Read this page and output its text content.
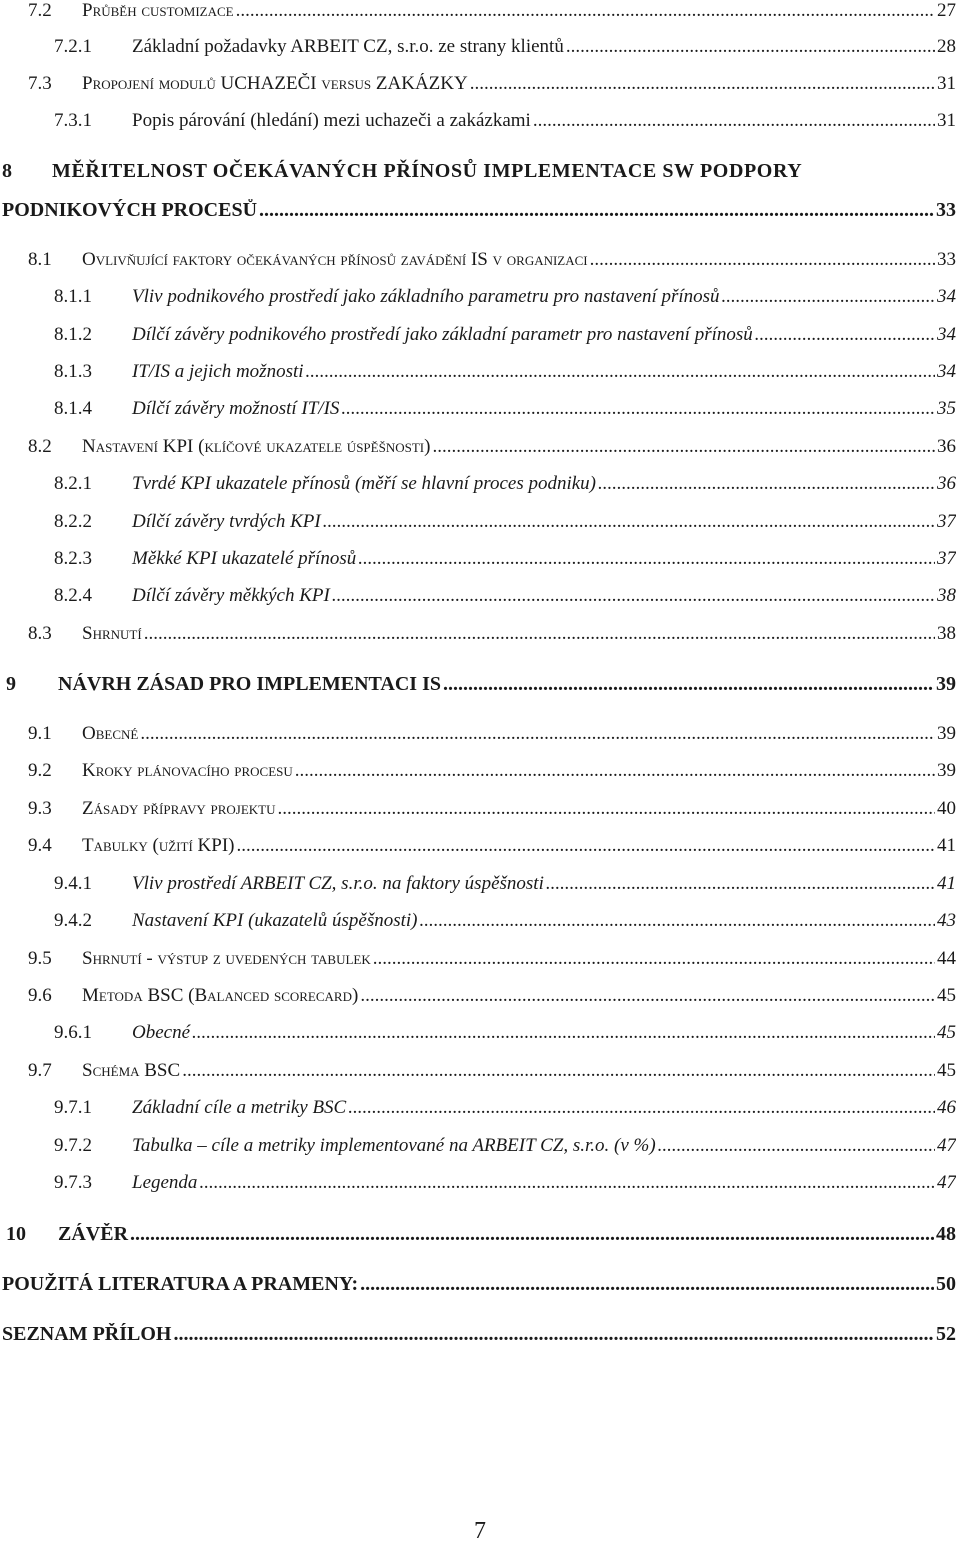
7.2	Průběh customizace .....	27
7.2.1	Základní požadavky ARBEIT CZ, s.r.o. ze strany klientů .....	28
7.3	Propojení modulů UCHAZEČI versus ZAKÁZKY .....	31
7.3.1	Popis párování (hledání) mezi uchazeči a zakázkami .....	31
8 MĚŘITELNOST OČEKÁVANÝCH PŘÍNOSŮ IMPLEMENTACE SW PODPORY
PODNIKOVÝCH PROCESŮ .....	33
8.1	Ovlivňující faktory očekávaných přínosů zavádění IS v organizaci .....	33
8.1.1	Vliv podnikového prostředí jako základního parametru pro nastavení přínosů .....	34
8.1.2	Dílčí závěry podnikového prostředí jako základní parametr pro nastavení přínosů .....	34
8.1.3	IT/IS a jejich možnosti .....	34
8.1.4	Dílčí závěry možností IT/IS .....	35
8.2	Nastavení KPI (klíčové ukazatele úspěšnosti) .....	36
8.2.1	Tvrdé KPI ukazatele přínosů (měří se hlavní proces podniku) .....	36
8.2.2	Dílčí závěry tvrdých KPI .....	37
8.2.3	Měkké KPI ukazatelé přínosů .....	37
8.2.4	Dílčí závěry měkkých KPI .....	38
8.3	Shrnutí .....	38
9	NÁVRH ZÁSAD PRO IMPLEMENTACI IS .....	39
9.1	Obecné .....	39
9.2	Kroky plánovacího procesu .....	39
9.3	Zásady přípravy projektu .....	40
9.4	Tabulky (užití KPI) .....	41
9.4.1	Vliv prostředí ARBEIT CZ, s.r.o. na faktory úspěšnosti .....	41
9.4.2	Nastavení KPI (ukazatelů úspěšnosti) .....	43
9.5	Shrnutí - výstup z uvedených tabulek .....	44
9.6	Metoda BSC (Balanced scorecard) .....	45
9.6.1	Obecné .....	45
9.7	Schéma BSC .....	45
9.7.1	Základní cíle a metriky BSC .....	46
9.7.2	Tabulka – cíle a metriky implementované na ARBEIT CZ, s.r.o. (v %) .....	47
9.7.3	Legenda .....	47
10	ZÁVĚR .....	48
POUŽITÁ LITERATURA A PRAMENY: .....	50
SEZNAM PŘÍLOH .....	52
7
